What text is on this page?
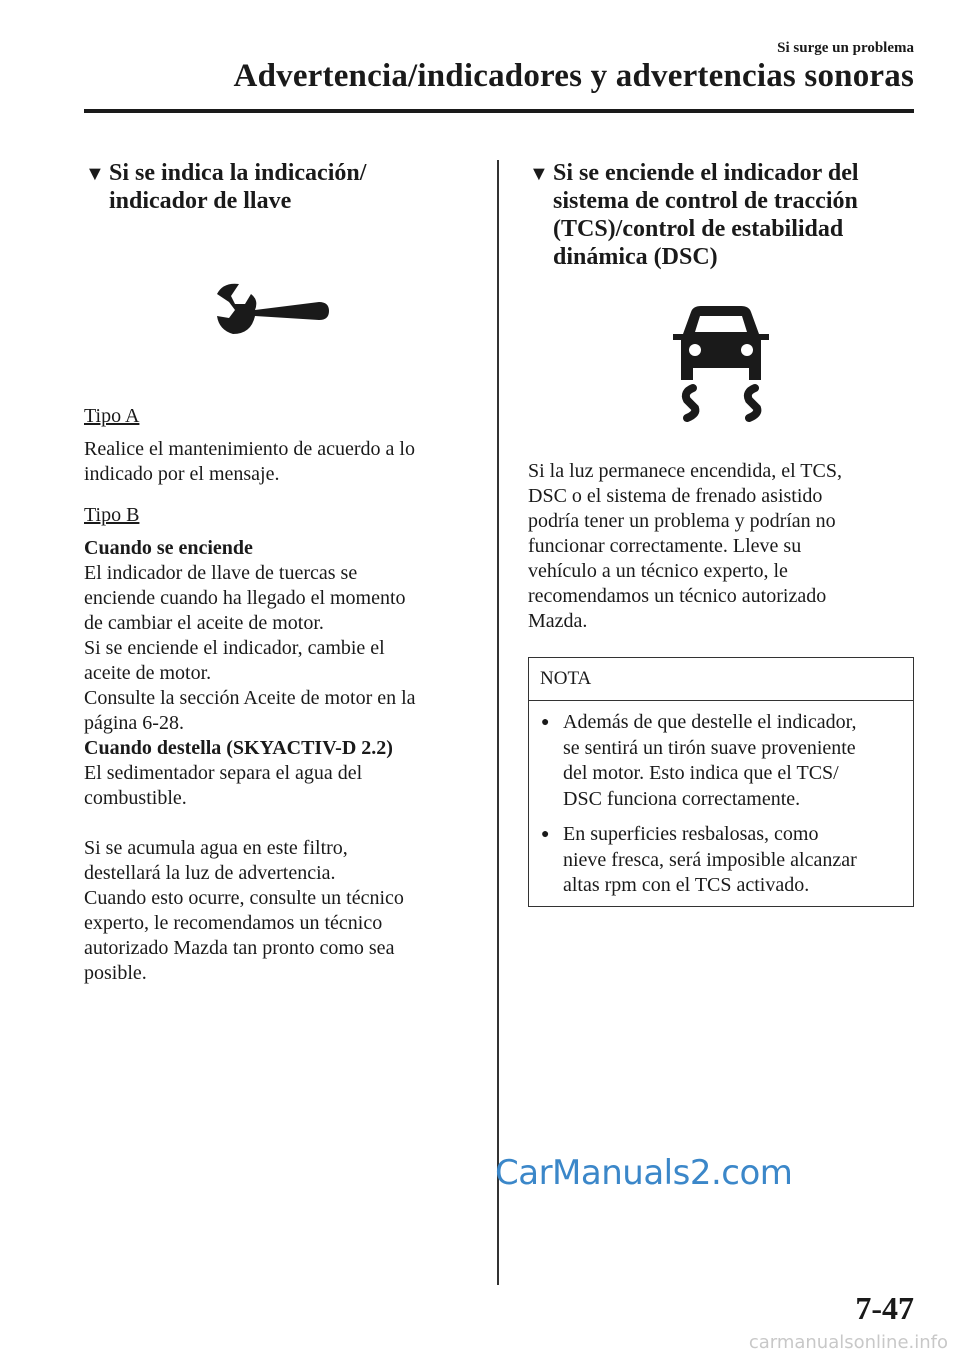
Si surge un problema
Advertencia/indicadores y advertencias sonoras
▼ Si se indica la indicación/
indicador de llave

Tipo A

Realice el mantenimiento de acuerdo a lo

indicado por el mensaje.

Tipo B

Cuando se enciende

El indicador de llave de tuercas se

enciende cuando ha llegado el momento

de cambiar el aceite de motor.

Si se enciende el indicador, cambie el

aceite de motor.

Consulte la sección Aceite de motor en la

página 6-28.

Cuando destella (SKYACTIV-D 2.2)

El sedimentador separa el agua del

combustible.

Si se acumula agua en este filtro,

destellará la luz de advertencia.

Cuando esto ocurre, consulte un técnico

experto, le recomendamos un técnico

autorizado Mazda tan pronto como sea

posible.

▼ Si se enciende el indicador del
sistema de control de tracción
(TCS)/control de estabilidad
dinámica (DSC)

Si la luz permanece encendida, el TCS,

DSC o el sistema de frenado asistido

podría tener un problema y podrían no

funcionar correctamente. Lleve su

vehículo a un técnico experto, le

recomendamos un técnico autorizado

Mazda.

NOTA
● Además de que destelle el indicador,
se sentirá un tirón suave proveniente
del motor. Esto indica que el TCS/
DSC funciona correctamente.
● En superficies resbalosas, como
nieve fresca, será imposible alcanzar
altas rpm con el TCS activado.
CarManuals2.com
7-47
carmanualsonline.info
